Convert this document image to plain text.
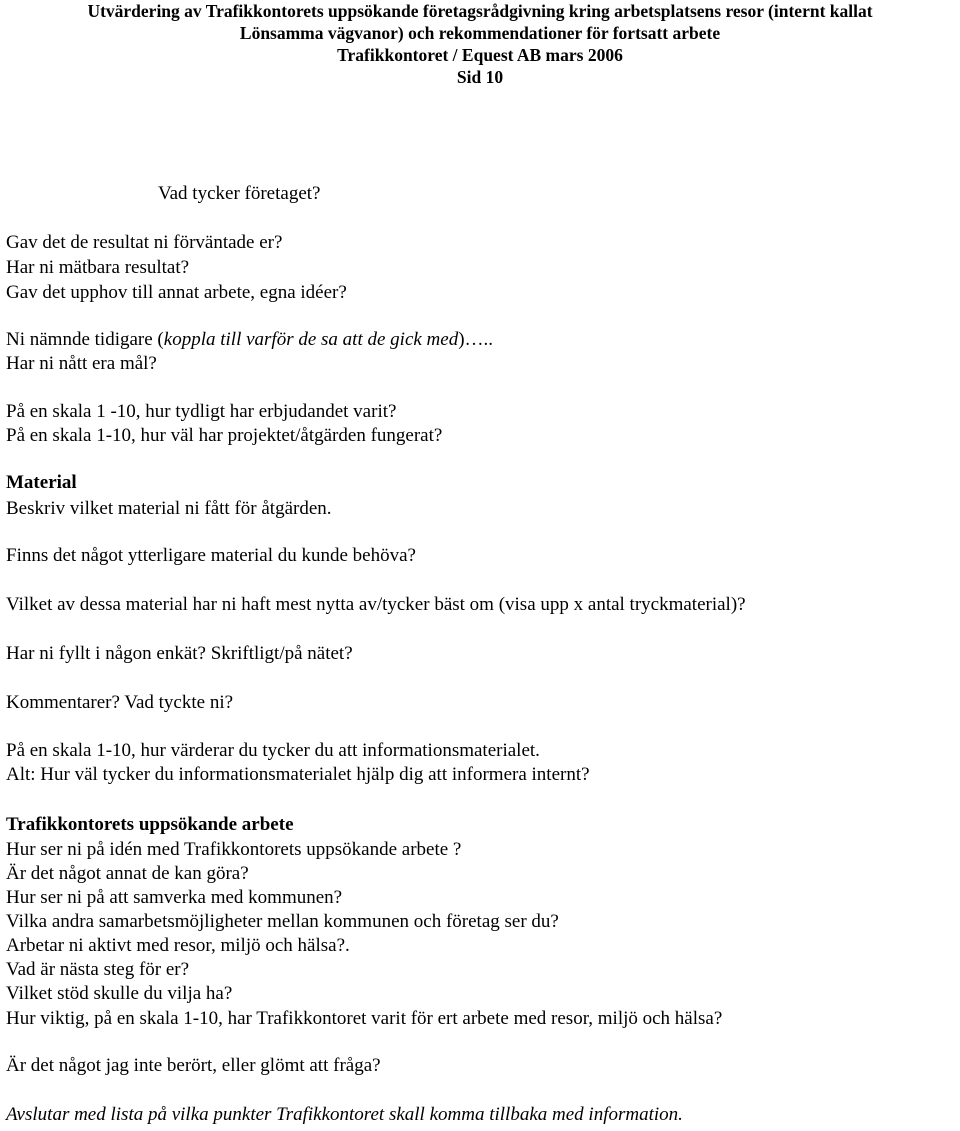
Utvärdering av Trafikkontorets uppsökande företagsrådgivning kring arbetsplatsens resor (internt kallat
Lönsamma vägvanor) och rekommendationer för fortsatt arbete
Trafikkontoret / Equest AB mars 2006
Sid 10
Vad tycker företaget?
Gav det de resultat ni förväntade er?
Har ni mätbara resultat?
Gav det upphov till annat arbete, egna idéer?
Ni nämnde tidigare (koppla till varför de sa att de gick med)…..
Har ni nått era mål?
På en skala 1 -10, hur tydligt har erbjudandet varit?
På en skala 1-10, hur väl har projektet/åtgärden fungerat?
Material
Beskriv vilket material ni fått för åtgärden.
Finns det något ytterligare material du kunde behöva?
Vilket av dessa material har ni haft mest nytta av/tycker bäst om (visa upp x antal tryckmaterial)?
Har ni fyllt i någon enkät? Skriftligt/på nätet?
Kommentarer? Vad tyckte ni?
På en skala 1-10, hur värderar du tycker du att informationsmaterialet.
Alt: Hur väl tycker du informationsmaterialet hjälp dig att informera internt?
Trafikkontorets uppsökande arbete
Hur ser ni på idén med Trafikkontorets uppsökande arbete ?
Är det något annat de kan göra?
Hur ser ni på att samverka med kommunen?
Vilka andra samarbetsmöjligheter mellan kommunen och företag ser du?
Arbetar ni aktivt med resor, miljö och hälsa?.
Vad är nästa steg för er?
Vilket stöd skulle du vilja ha?
Hur viktig, på en skala 1-10, har Trafikkontoret varit för ert arbete med resor, miljö och hälsa?
Är det något jag inte berört, eller glömt att fråga?
Avslutar med lista på vilka punkter Trafikkontoret skall komma tillbaka med information.
